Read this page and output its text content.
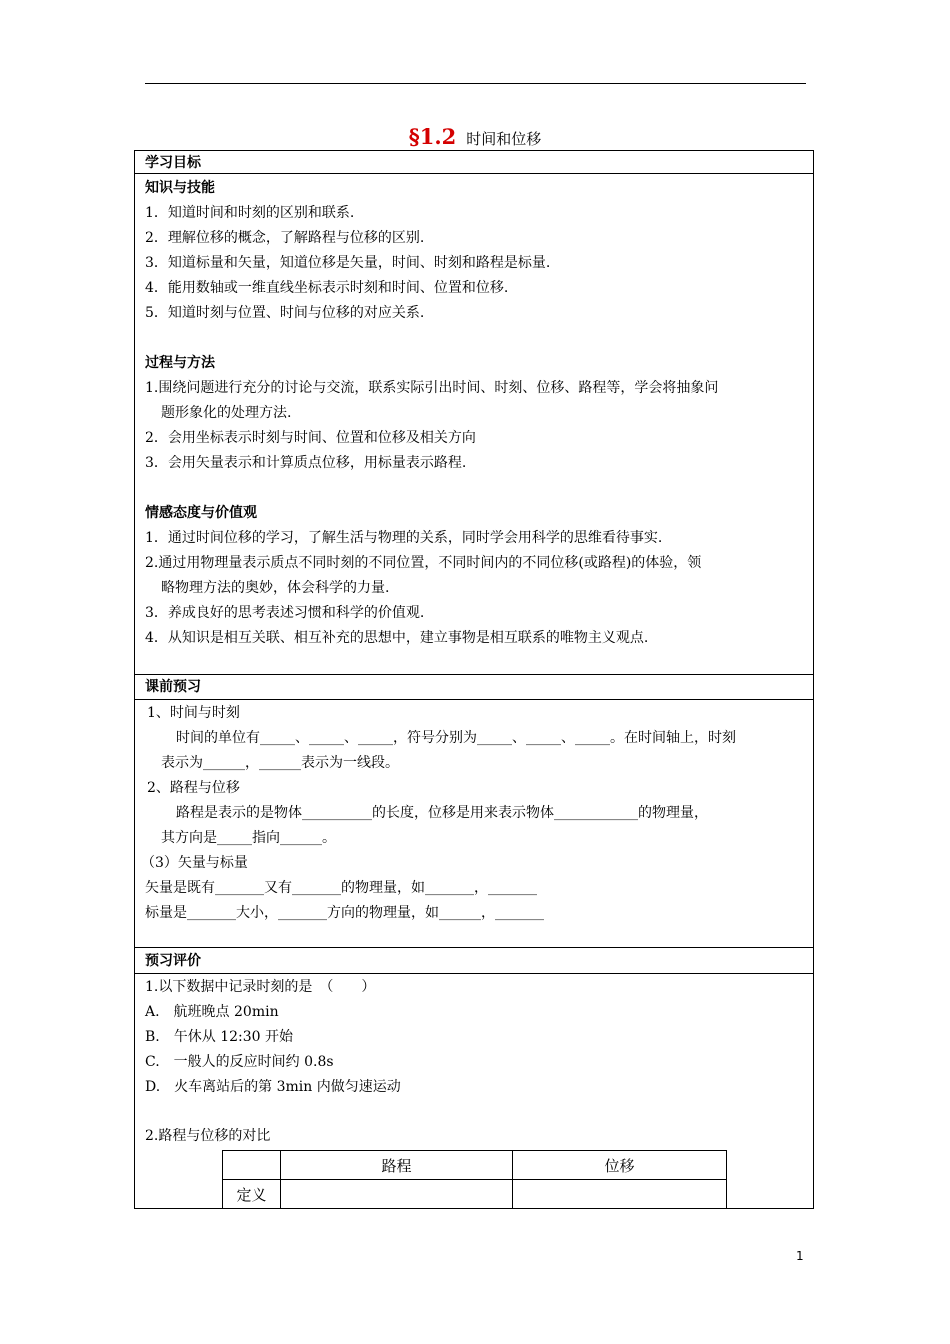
§1.2 时间和位移
学习目标
知识与技能
1．知道时间和时刻的区别和联系.
2．理解位移的概念，了解路程与位移的区别.
3．知道标量和矢量，知道位移是矢量，时间、时刻和路程是标量.
4．能用数轴或一维直线坐标表示时刻和时间、位置和位移.
5．知道时刻与位置、时间与位移的对应关系.
过程与方法
1.围绕问题进行充分的讨论与交流，联系实际引出时间、时刻、位移、路程等，学会将抽象问
题形象化的处理方法.
2．会用坐标表示时刻与时间、位置和位移及相关方向
3．会用矢量表示和计算质点位移，用标量表示路程.
情感态度与价值观
1．通过时间位移的学习，了解生活与物理的关系，同时学会用科学的思维看待事实.
2.通过用物理量表示质点不同时刻的不同位置，不同时间内的不同位移(或路程)的体验，领
略物理方法的奥妙，体会科学的力量.
3．养成良好的思考表述习惯和科学的价值观.
4．从知识是相互关联、相互补充的思想中，建立事物是相互联系的唯物主义观点.
课前预习
1、时间与时刻
时间的单位有_____、_____、_____，符号分别为_____、_____、_____。在时间轴上，时刻
表示为______，______表示为一线段。
2、路程与位移
路程是表示的是物体__________的长度，位移是用来表示物体____________的物理量，
其方向是_____指向______。
（3）矢量与标量
矢量是既有_______又有_______的物理量，如_______，_______
标量是_______大小，_______方向的物理量，如______，_______
预习评价
1.以下数据中记录时刻的是　（　　）
A.　航班晚点 20min
B.　午休从 12:30 开始
C.　一般人的反应时间约 0.8s
D.　火车离站后的第 3min 内做匀速运动
2.路程与位移的对比
	路程	位移
定义		
1
